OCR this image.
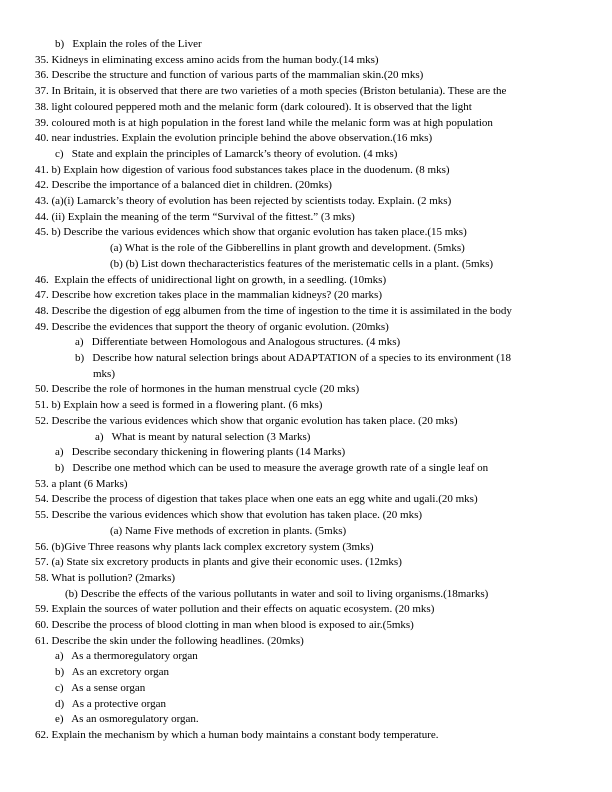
b)   Explain the roles of the Liver
35. Kidneys in eliminating excess amino acids from the human body.(14 mks)
36. Describe the structure and function of various parts of the mammalian skin.(20 mks)
37. In Britain, it is observed that there are two varieties of a moth species (Briston betulania). These are the
38. light coloured peppered moth and the melanic form (dark coloured). It is observed that the light
39. coloured moth is at high population in the forest land while the melanic form was at high population
40. near industries. Explain the evolution principle behind the above observation.(16 mks)
c)   State and explain the principles of Lamarck’s theory of evolution. (4 mks)
41. b) Explain how digestion of various food substances takes place in the duodenum. (8 mks)
42. Describe the importance of a balanced diet in children. (20mks)
43. (a)(i) Lamarck’s theory of evolution has been rejected by scientists today. Explain. (2 mks)
44. (ii) Explain the meaning of the term “Survival of the fittest.” (3 mks)
45. b) Describe the various evidences which show that organic evolution has taken place.(15 mks)
(a) What is the role of the Gibberellins in plant growth and development. (5mks)
(b) (b) List down thecharacteristics features of the meristematic cells in a plant. (5mks)
46.  Explain the effects of unidirectional light on growth, in a seedling. (10mks)
47. Describe how excretion takes place in the mammalian kidneys? (20 marks)
48. Describe the digestion of egg albumen from the time of ingestion to the time it is assimilated in the body
49. Describe the evidences that support the theory of organic evolution. (20mks)
a)   Differentiate between Homologous and Analogous structures. (4 mks)
b)   Describe how natural selection brings about ADAPTATION of a species to its environment (18
mks)
50. Describe the role of hormones in the human menstrual cycle (20 mks)
51. b) Explain how a seed is formed in a flowering plant. (6 mks)
52. Describe the various evidences which show that organic evolution has taken place. (20 mks)
a)   What is meant by natural selection (3 Marks)
a)   Describe secondary thickening in flowering plants (14 Marks)
b)   Describe one method which can be used to measure the average growth rate of a single leaf on
53. a plant (6 Marks)
54. Describe the process of digestion that takes place when one eats an egg white and ugali.(20 mks)
55. Describe the various evidences which show that evolution has taken place. (20 mks)
(a) Name Five methods of excretion in plants. (5mks)
56. (b)Give Three reasons why plants lack complex excretory system (3mks)
57. (a) State six excretory products in plants and give their economic uses. (12mks)
58. What is pollution? (2marks)
(b) Describe the effects of the various pollutants in water and soil to living organisms.(18marks)
59. Explain the sources of water pollution and their effects on aquatic ecosystem. (20 mks)
60. Describe the process of blood clotting in man when blood is exposed to air.(5mks)
61. Describe the skin under the following headlines. (20mks)
a)   As a thermoregulatory organ
b)   As an excretory organ
c)   As a sense organ
d)   As a protective organ
e)   As an osmoregulatory organ.
62. Explain the mechanism by which a human body maintains a constant body temperature.
